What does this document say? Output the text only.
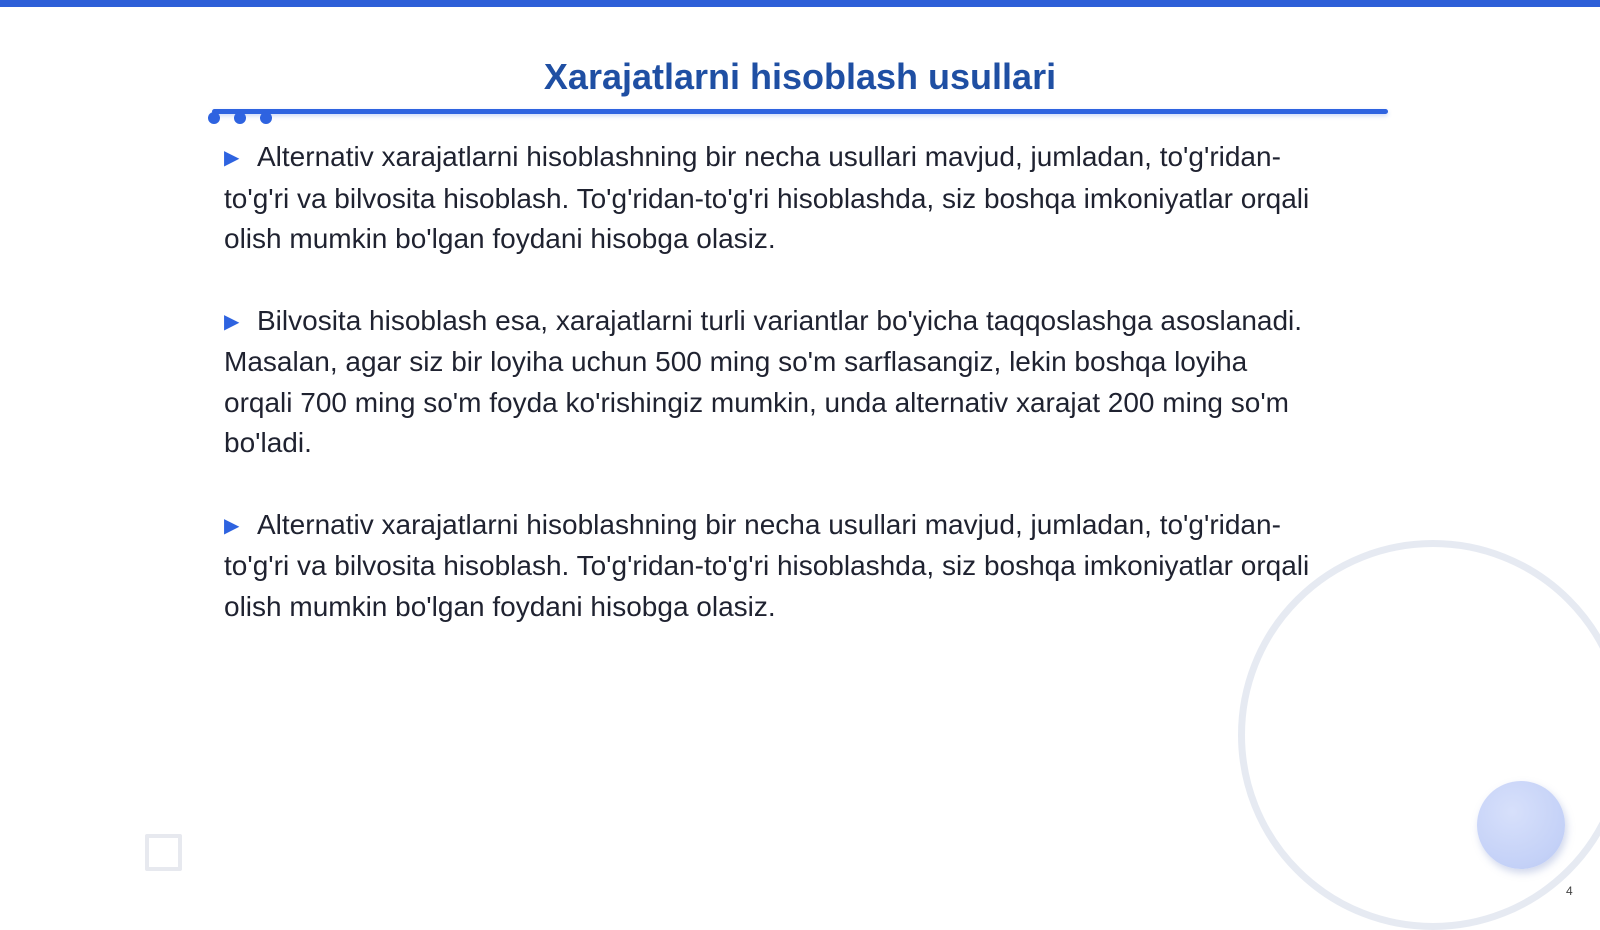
Xarajatlarni hisoblash usullari

▶ Alternativ xarajatlarni hisoblashning bir necha usullari mavjud, jumladan, to'g'ridan-to'g'ri va bilvosita hisoblash. To'g'ridan-to'g'ri hisoblashda, siz boshqa imkoniyatlar orqali olish mumkin bo'lgan foydani hisobga olasiz.

▶ Bilvosita hisoblash esa, xarajatlarni turli variantlar bo'yicha taqqoslashga asoslanadi. Masalan, agar siz bir loyiha uchun 500 ming so'm sarflasangiz, lekin boshqa loyiha orqali 700 ming so'm foyda ko'rishingiz mumkin, unda alternativ xarajat 200 ming so'm bo'ladi.

▶ Alternativ xarajatlarni hisoblashning bir necha usullari mavjud, jumladan, to'g'ridan-to'g'ri va bilvosita hisoblash. To'g'ridan-to'g'ri hisoblashda, siz boshqa imkoniyatlar orqali olish mumkin bo'lgan foydani hisobga olasiz.

4
